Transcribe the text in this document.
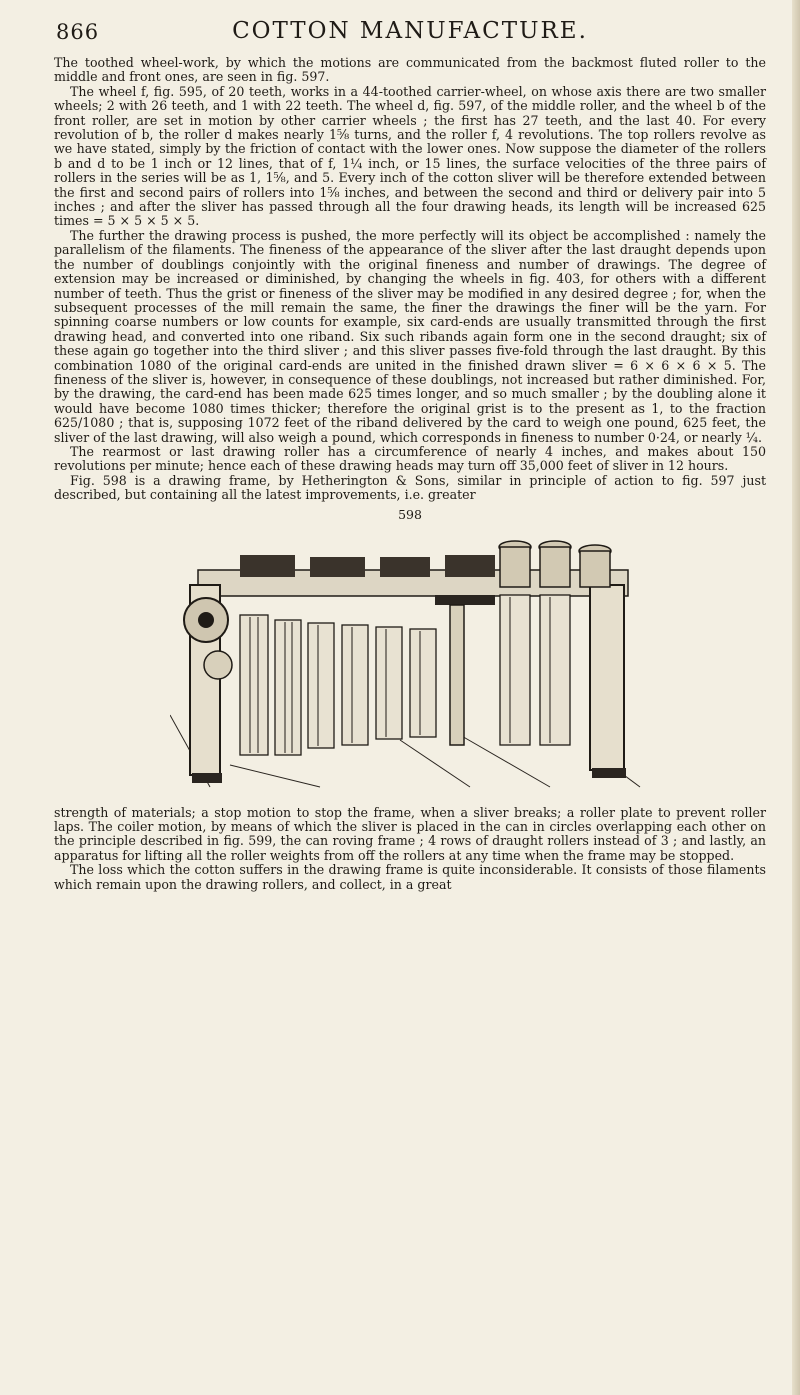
866	COTTON MANUFACTURE.

The toothed wheel-work, by which the motions are communicated from the backmost fluted roller to the middle and front ones, are seen in fig. 597.

The wheel f, fig. 595, of 20 teeth, works in a 44-toothed carrier-wheel, on whose axis there are two smaller wheels; 2 with 26 teeth, and 1 with 22 teeth. The wheel d, fig. 597, of the middle roller, and the wheel b of the front roller, are set in motion by other carrier wheels ; the first has 27 teeth, and the last 40. For every revolution of b, the roller d makes nearly 1⅝ turns, and the roller f, 4 revolutions. The top rollers revolve as we have stated, simply by the friction of contact with the lower ones. Now suppose the diameter of the rollers b and d to be 1 inch or 12 lines, that of f, 1¼ inch, or 15 lines, the surface velocities of the three pairs of rollers in the series will be as 1, 1⅝, and 5. Every inch of the cotton sliver will be therefore extended between the first and second pairs of rollers into 1⅝ inches, and between the second and third or delivery pair into 5 inches ; and after the sliver has passed through all the four drawing heads, its length will be increased 625 times = 5 × 5 × 5 × 5.

The further the drawing process is pushed, the more perfectly will its object be accomplished : namely the parallelism of the filaments. The fineness of the appearance of the sliver after the last draught depends upon the number of doublings conjointly with the original fineness and number of drawings. The degree of extension may be increased or diminished, by changing the wheels in fig. 403, for others with a different number of teeth. Thus the grist or fineness of the sliver may be modified in any desired degree ; for, when the subsequent processes of the mill remain the same, the finer the drawings the finer will be the yarn. For spinning coarse numbers or low counts for example, six card-ends are usually transmitted through the first drawing head, and converted into one riband. Six such ribands again form one in the second draught; six of these again go together into the third sliver ; and this sliver passes five-fold through the last draught. By this combination 1080 of the original card-ends are united in the finished drawn sliver = 6 × 6 × 6 × 5. The fineness of the sliver is, however, in consequence of these doublings, not increased but rather diminished. For, by the drawing, the card-end has been made 625 times longer, and so much smaller ; by the doubling alone it would have become 1080 times thicker; therefore the original grist is to the present as 1, to the fraction 625/1080 ; that is, supposing 1072 feet of the riband delivered by the card to weigh one pound, 625 feet, the sliver of the last drawing, will also weigh a pound, which corresponds in fineness to number 0·24, or nearly ¼.

The rearmost or last drawing roller has a circumference of nearly 4 inches, and makes about 150 revolutions per minute; hence each of these drawing heads may turn off 35,000 feet of sliver in 12 hours.

Fig. 598 is a drawing frame, by Hetherington & Sons, similar in principle of action to fig. 597 just described, but containing all the latest improvements, i.e. greater

598

strength of materials; a stop motion to stop the frame, when a sliver breaks; a roller plate to prevent roller laps. The coiler motion, by means of which the sliver is placed in the can in circles overlapping each other on the principle described in fig. 599, the can roving frame ; 4 rows of draught rollers instead of 3 ; and lastly, an apparatus for lifting all the roller weights from off the rollers at any time when the frame may be stopped.

The loss which the cotton suffers in the drawing frame is quite inconsiderable. It consists of those filaments which remain upon the drawing rollers, and collect, in a great
